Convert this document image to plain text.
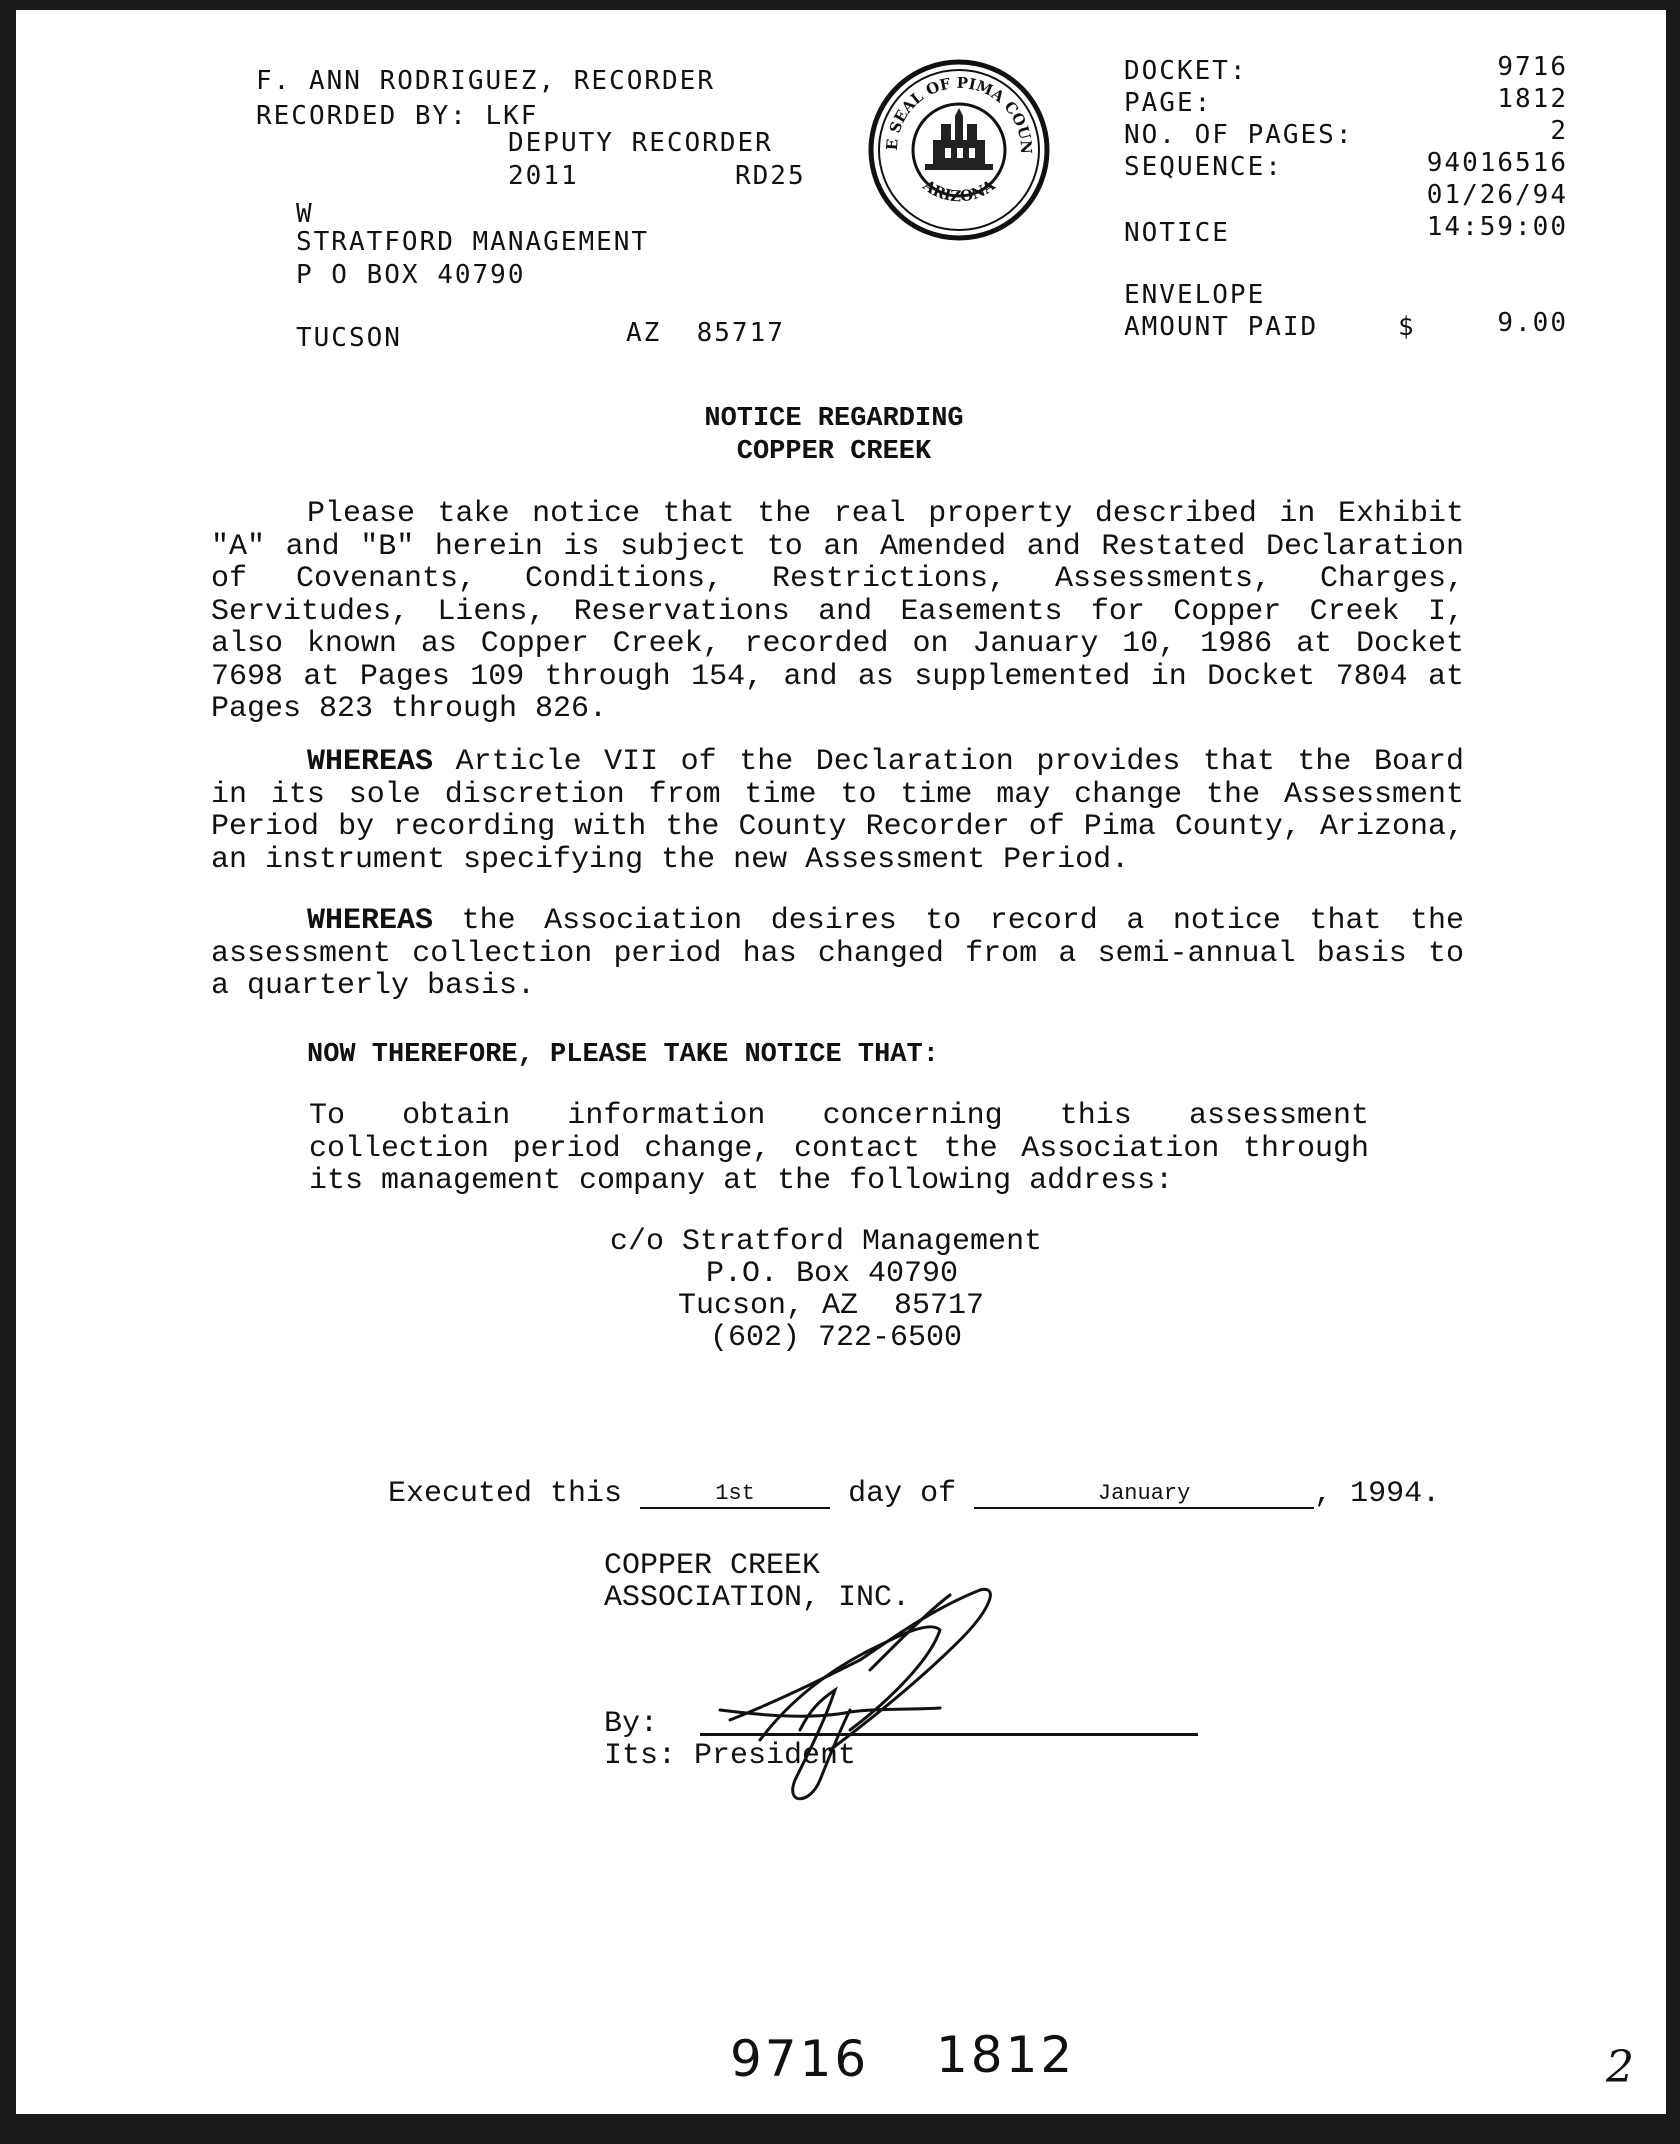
F. ANN RODRIGUEZ, RECORDER
RECORDED BY: LKF
DEPUTY RECORDER
2011	RD25
W
STRATFORD MANAGEMENT
P O BOX 40790
TUCSON	AZ  85717

E SEAL OF PIMA COUN
ARIZONA

DOCKET:	9716
PAGE:	1812
NO. OF PAGES:	2
SEQUENCE:	94016516
01/26/94
NOTICE	14:59:00
ENVELOPE
AMOUNT PAID	$	9.00
NOTICE REGARDING
COPPER CREEK
Please take notice that the real property described in Exhibit "A" and "B" herein is subject to an Amended and Restated Declaration of Covenants, Conditions, Restrictions, Assessments, Charges, Servitudes, Liens, Reservations and Easements for Copper Creek I, also known as Copper Creek, recorded on January 10, 1986 at Docket 7698 at Pages 109 through 154, and as supplemented in Docket 7804 at Pages 823 through 826.
WHEREAS Article VII of the Declaration provides that the Board in its sole discretion from time to time may change the Assessment Period by recording with the County Recorder of Pima County, Arizona, an instrument specifying the new Assessment Period.
WHEREAS the Association desires to record a notice that the assessment collection period has changed from a semi-annual basis to a quarterly basis.
NOW THEREFORE, PLEASE TAKE NOTICE THAT:
To obtain information concerning this assessment collection period change, contact the Association through its management company at the following address:
c/o Stratford Management
P.O. Box 40790
Tucson, AZ  85717
(602) 722-6500
Executed this	1st	day of	January	, 1994.
COPPER CREEK
ASSOCIATION, INC.
By:
Its: President
9716 1812	2
